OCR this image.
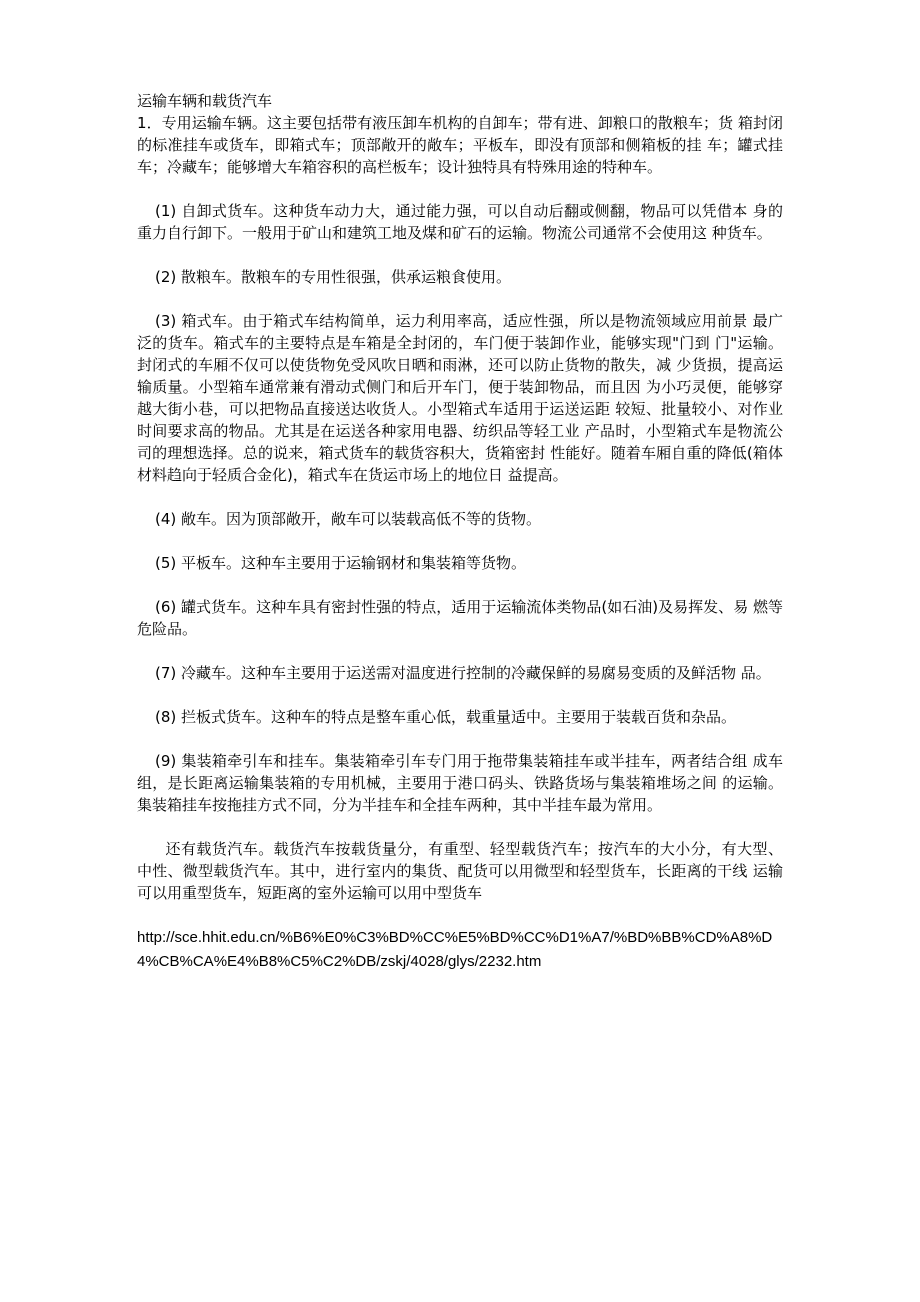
运输车辆和载货汽车

1．专用运输车辆。这主要包括带有液压卸车机构的自卸车；带有进、卸粮口的散粮车；货 箱封闭的标准挂车或货车，即箱式车；顶部敞开的敞车；平板车，即没有顶部和侧箱板的挂 车；罐式挂车；冷藏车；能够增大车箱容积的高栏板车；设计独特具有特殊用途的特种车。

(1) 自卸式货车。这种货车动力大，通过能力强，可以自动后翻或侧翻，物品可以凭借本 身的重力自行卸下。一般用于矿山和建筑工地及煤和矿石的运输。物流公司通常不会使用这 种货车。

(2) 散粮车。散粮车的专用性很强，供承运粮食使用。

(3) 箱式车。由于箱式车结构简单，运力利用率高，适应性强，所以是物流领域应用前景 最广泛的货车。箱式车的主要特点是车箱是全封闭的，车门便于装卸作业，能够实现"门到 门"运输。封闭式的车厢不仅可以使货物免受风吹日晒和雨淋，还可以防止货物的散失，减 少货损，提高运输质量。小型箱车通常兼有滑动式侧门和后开车门，便于装卸物品，而且因 为小巧灵便，能够穿越大街小巷，可以把物品直接送达收货人。小型箱式车适用于运送运距 较短、批量较小、对作业时间要求高的物品。尤其是在运送各种家用电器、纺织品等轻工业 产品时，小型箱式车是物流公司的理想选择。总的说来，箱式货车的载货容积大，货箱密封 性能好。随着车厢自重的降低(箱体材料趋向于轻质合金化)，箱式车在货运市场上的地位日 益提高。

(4) 敞车。因为顶部敞开，敞车可以装载高低不等的货物。

(5) 平板车。这种车主要用于运输钢材和集装箱等货物。

(6) 罐式货车。这种车具有密封性强的特点，适用于运输流体类物品(如石油)及易挥发、易 燃等危险品。

(7) 冷藏车。这种车主要用于运送需对温度进行控制的冷藏保鲜的易腐易变质的及鲜活物 品。

(8) 拦板式货车。这种车的特点是整车重心低，载重量适中。主要用于装载百货和杂品。

(9) 集装箱牵引车和挂车。集装箱牵引车专门用于拖带集装箱挂车或半挂车，两者结合组 成车组，是长距离运输集装箱的专用机械，主要用于港口码头、铁路货场与集装箱堆场之间 的运输。集装箱挂车按拖挂方式不同，分为半挂车和全挂车两种，其中半挂车最为常用。

还有载货汽车。载货汽车按载货量分，有重型、轻型载货汽车；按汽车的大小分，有大型、 中性、微型载货汽车。其中，进行室内的集货、配货可以用微型和轻型货车，长距离的干线 运输可以用重型货车，短距离的室外运输可以用中型货车

http://sce.hhit.edu.cn/%B6%E0%C3%BD%CC%E5%BD%CC%D1%A7/%BD%BB%CD%A8%D4%CB%CA%E4%B8%C5%C2%DB/zskj/4028/glys/2232.htm
